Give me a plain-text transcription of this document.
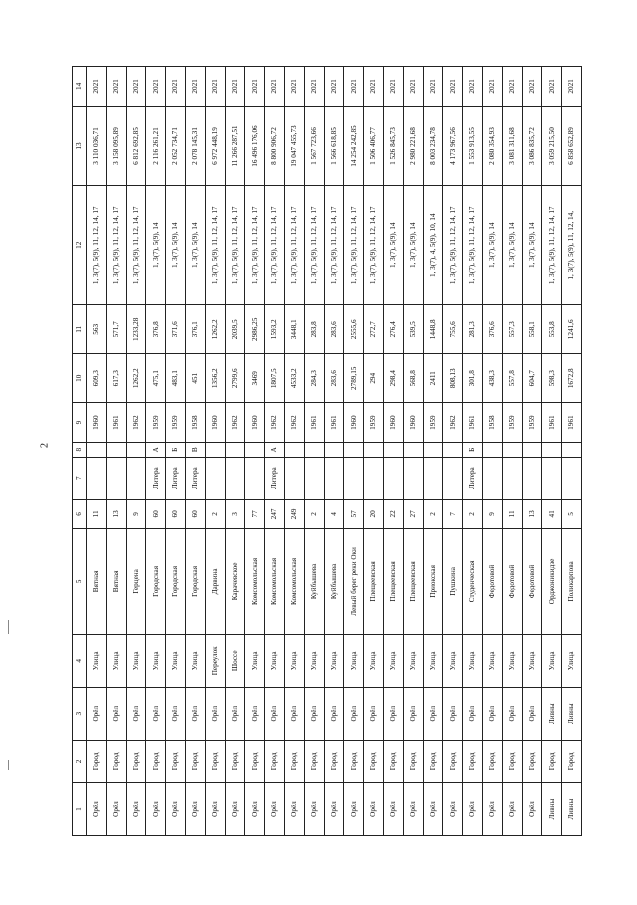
2
1	2	3	4	5	6	7	8	9	10	11	12	13	14
Орёл	Город	Орёл	Улица	Вятная	11			1960	609,3	563	1, 3(7), 5(9), 11, 12, 14, 17	3 110 036,71	2021
Орёл	Город	Орёл	Улица	Вятная	13			1961	617,3	571,7	1, 3(7), 5(9), 11, 12, 14, 17	3 158 095,89	2021
Орёл	Город	Орёл	Улица	Герцена	9			1962	1262,2	1233,28	1, 3(7), 5(9), 11, 12, 14, 17	6 812 692,85	2021
Орёл	Город	Орёл	Улица	Городская	60	Литера	А	1959	475,1	376,8	1, 3(7), 5(9), 14	2 116 261,21	2021
Орёл	Город	Орёл	Улица	Городская	60	Литера	Б	1959	483,1	371,6	1, 3(7), 5(9), 14	2 052 734,71	2021
Орёл	Город	Орёл	Улица	Городская	60	Литера	В	1958	451	376,1	1, 3(7), 5(9), 14	2 078 145,31	2021
Орёл	Город	Орёл	Переулок	Дарвина	2			1960	1356,2	1262,2	1, 3(7), 5(9), 11, 12, 14, 17	6 972 448,19	2021
Орёл	Город	Орёл	Шоссе	Карачевское	3			1962	2799,6	2039,5	1, 3(7), 5(9), 11, 12, 14, 17	11 266 287,51	2021
Орёл	Город	Орёл	Улица	Комсомольская	77			1960	3469	2986,25	1, 3(7), 5(9), 11, 12, 14, 17	16 496 176,06	2021
Орёл	Город	Орёл	Улица	Комсомольская	247	Литера	А	1962	1807,5	1593,2	1, 3(7), 5(9), 11, 12, 14, 17	8 800 906,72	2021
Орёл	Город	Орёл	Улица	Комсомольская	249			1962	4533,2	3448,1	1, 3(7), 5(9), 11, 12, 14, 17	19 047 455,73	2021
Орёл	Город	Орёл	Улица	Куйбышева	2			1961	284,3	283,8	1, 3(7), 5(9), 11, 12, 14, 17	1 567 723,66	2021
Орёл	Город	Орёл	Улица	Куйбышева	4			1961	283,6	283,6	1, 3(7), 5(9), 11, 12, 14, 17	1 566 618,85	2021
Орёл	Город	Орёл	Улица	Левый берег реки Оки	57			1960	2789,15	2555,6	1, 3(7), 5(9), 11, 12, 14, 17	14 254 242,85	2021
Орёл	Город	Орёл	Улица	Плещеевская	20			1959	294	272,7	1, 3(7), 5(9), 11, 12, 14, 17	1 506 406,77	2021
Орёл	Город	Орёл	Улица	Плещеевская	22			1960	298,4	276,4	1, 3(7), 5(9), 14	1 526 845,73	2021
Орёл	Город	Орёл	Улица	Плещеевская	27			1960	568,8	539,5	1, 3(7), 5(9), 14	2 980 221,68	2021
Орёл	Город	Орёл	Улица	Приокская	2			1959	2411	1448,8	1, 3(7), 4, 5(9), 10, 14	8 003 234,78	2021
Орёл	Город	Орёл	Улица	Пушкина	7			1962	808,13	755,6	1, 3(7), 5(9), 11, 12, 14, 17	4 173 967,56	2021
Орёл	Город	Орёл	Улица	Студенческая	2	Литера	Б	1961	301,8	281,3	1, 3(7), 5(9), 11, 12, 14, 17	1 553 913,55	2021
Орёл	Город	Орёл	Улица	Федотовой	9			1958	438,3	376,6	1, 3(7), 5(9), 14	2 080 354,93	2021
Орёл	Город	Орёл	Улица	Федотовой	11			1959	557,8	557,3	1, 3(7), 5(9), 14	3 081 311,68	2021
Орёл	Город	Орёл	Улица	Федотовой	13			1959	604,7	558,1	1, 3(7), 5(9), 14	3 086 835,72	2021
Ливны	Город	Ливны	Улица	Орджоникидзе	41			1961	598,3	553,8	1, 3(7), 5(9), 11, 12, 14, 17	3 059 215,50	2021
Ливны	Город	Ливны	Улица	Поликарпова	5			1961	1672,8	1241,6	1, 3(7), 5(9), 11, 12, 14,	6 858 652,89	2021
